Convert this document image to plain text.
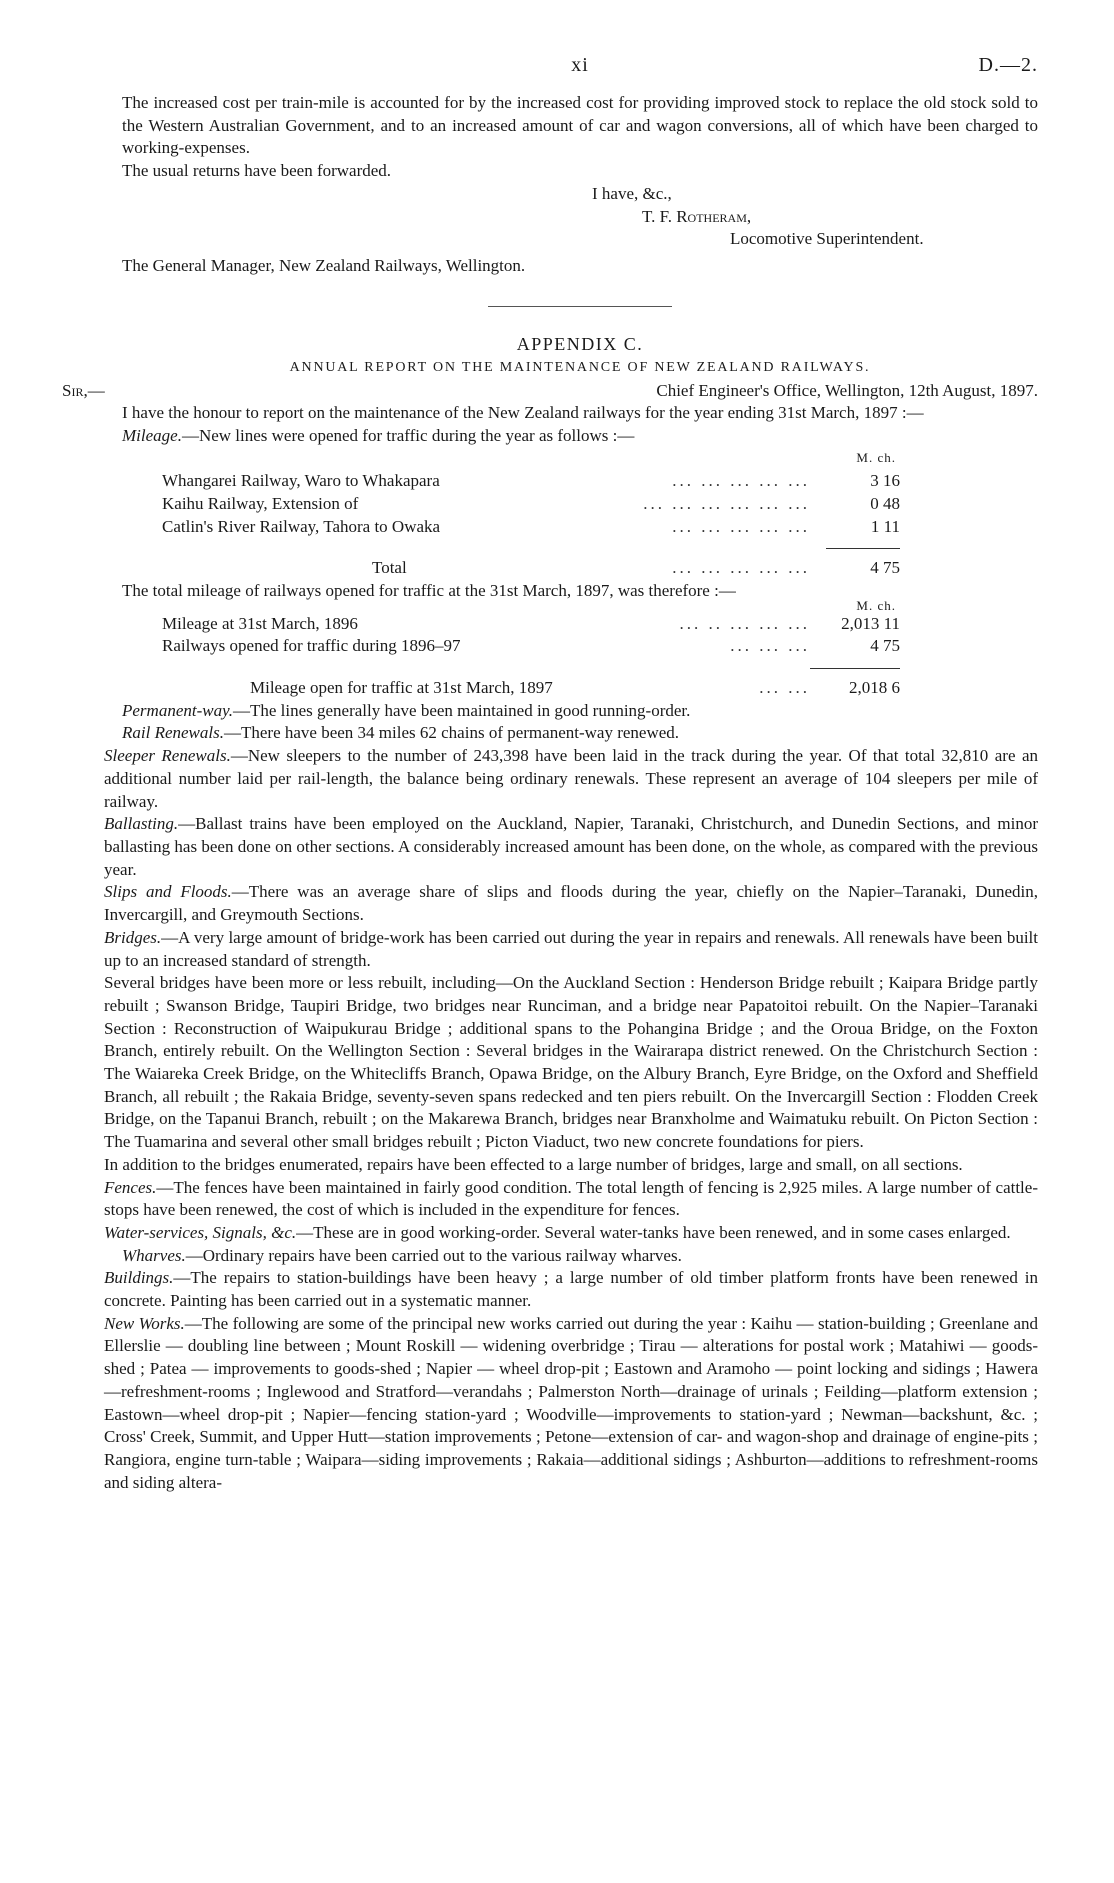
xi	D.—2.

The increased cost per train-mile is accounted for by the increased cost for providing improved stock to replace the old stock sold to the Western Australian Government, and to an increased amount of car and wagon conversions, all of which have been charged to working-expenses.

The usual returns have been forwarded.

I have, &c.,
T. F. Rotheram,
Locomotive Superintendent.

The General Manager, New Zealand Railways, Wellington.

APPENDIX C.
ANNUAL REPORT ON THE MAINTENANCE OF NEW ZEALAND RAILWAYS.
Sir,—	Chief Engineer's Office, Wellington, 12th August, 1897.

I have the honour to report on the maintenance of the New Zealand railways for the year ending 31st March, 1897 :—

Mileage.—New lines were opened for traffic during the year as follows :—

M. ch.
Whangarei Railway, Waro to Whakapara	... ... ... ... ...	3 16
Kaihu Railway, Extension of	... ... ... ... ... ...	0 48
Catlin's River Railway, Tahora to Owaka	... ... ... ... ...	1 11
Total	... ... ... ... ...	4 75

The total mileage of railways opened for traffic at the 31st March, 1897, was therefore :—

M. ch.
Mileage at 31st March, 1896	... .. ... ... ...	2,013 11
Railways opened for traffic during 1896–97	... ... ...	4 75
Mileage open for traffic at 31st March, 1897	... ...	2,018 6

Permanent-way.—The lines generally have been maintained in good running-order.

Rail Renewals.—There have been 34 miles 62 chains of permanent-way renewed.

Sleeper Renewals.—New sleepers to the number of 243,398 have been laid in the track during the year. Of that total 32,810 are an additional number laid per rail-length, the balance being ordinary renewals. These represent an average of 104 sleepers per mile of railway.

Ballasting.—Ballast trains have been employed on the Auckland, Napier, Taranaki, Christchurch, and Dunedin Sections, and minor ballasting has been done on other sections. A considerably increased amount has been done, on the whole, as compared with the previous year.

Slips and Floods.—There was an average share of slips and floods during the year, chiefly on the Napier–Taranaki, Dunedin, Invercargill, and Greymouth Sections.

Bridges.—A very large amount of bridge-work has been carried out during the year in repairs and renewals. All renewals have been built up to an increased standard of strength.

Several bridges have been more or less rebuilt, including—On the Auckland Section : Henderson Bridge rebuilt ; Kaipara Bridge partly rebuilt ; Swanson Bridge, Taupiri Bridge, two bridges near Runciman, and a bridge near Papatoitoi rebuilt. On the Napier–Taranaki Section : Reconstruction of Waipukurau Bridge ; additional spans to the Pohangina Bridge ; and the Oroua Bridge, on the Foxton Branch, entirely rebuilt. On the Wellington Section : Several bridges in the Wairarapa district renewed. On the Christchurch Section : The Waiareka Creek Bridge, on the Whitecliffs Branch, Opawa Bridge, on the Albury Branch, Eyre Bridge, on the Oxford and Sheffield Branch, all rebuilt ; the Rakaia Bridge, seventy-seven spans redecked and ten piers rebuilt. On the Invercargill Section : Flodden Creek Bridge, on the Tapanui Branch, rebuilt ; on the Makarewa Branch, bridges near Branxholme and Waimatuku rebuilt. On Picton Section : The Tuamarina and several other small bridges rebuilt ; Picton Viaduct, two new concrete foundations for piers.

In addition to the bridges enumerated, repairs have been effected to a large number of bridges, large and small, on all sections.

Fences.—The fences have been maintained in fairly good condition. The total length of fencing is 2,925 miles. A large number of cattle-stops have been renewed, the cost of which is included in the expenditure for fences.

Water-services, Signals, &c.—These are in good working-order. Several water-tanks have been renewed, and in some cases enlarged.

Wharves.—Ordinary repairs have been carried out to the various railway wharves.

Buildings.—The repairs to station-buildings have been heavy ; a large number of old timber platform fronts have been renewed in concrete. Painting has been carried out in a systematic manner.

New Works.—The following are some of the principal new works carried out during the year : Kaihu — station-building ; Greenlane and Ellerslie — doubling line between ; Mount Roskill — widening overbridge ; Tirau — alterations for postal work ; Matahiwi — goods-shed ; Patea — improvements to goods-shed ; Napier — wheel drop-pit ; Eastown and Aramoho — point locking and sidings ; Hawera—refreshment-rooms ; Inglewood and Stratford—verandahs ; Palmerston North—drainage of urinals ; Feilding—platform extension ; Eastown—wheel drop-pit ; Napier—fencing station-yard ; Woodville—improvements to station-yard ; Newman—backshunt, &c. ; Cross' Creek, Summit, and Upper Hutt—station improvements ; Petone—extension of car- and wagon-shop and drainage of engine-pits ; Rangiora, engine turn-table ; Waipara—siding improvements ; Rakaia—additional sidings ; Ashburton—additions to refreshment-rooms and siding altera-
